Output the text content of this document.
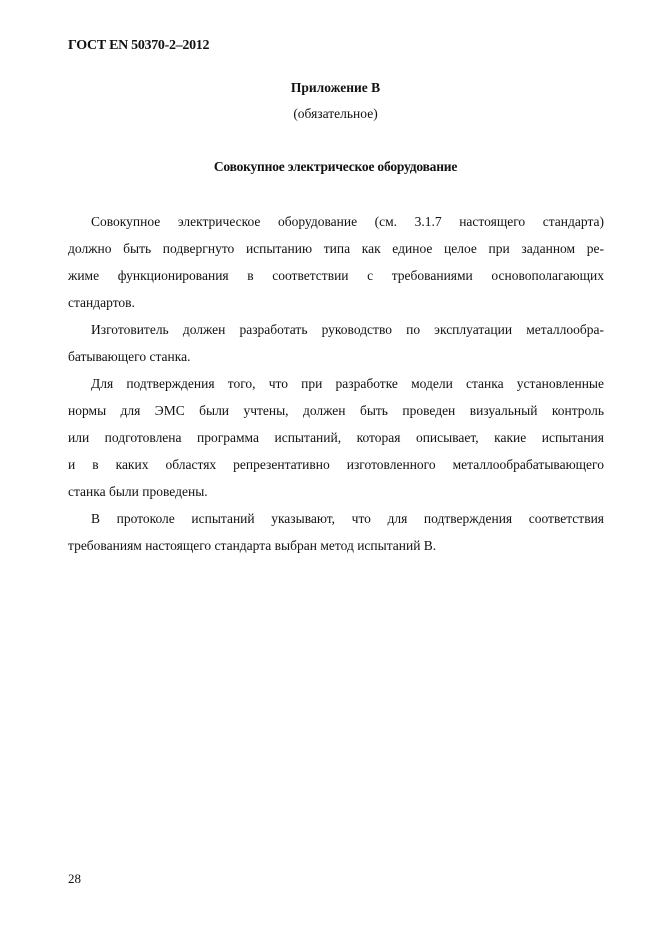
ГОСТ EN 50370-2–2012
Приложение В
(обязательное)
Совокупное электрическое оборудование
Совокупное электрическое оборудование (см. 3.1.7 настоящего стандарта)
должно быть подвергнуто испытанию типа как единое целое при заданном ре-
жиме функционирования в соответствии с требованиями основополагающих
стандартов.
Изготовитель должен разработать руководство по эксплуатации металлообра-
батывающего станка.
Для подтверждения того, что при разработке модели станка установленные
нормы для ЭМС были учтены, должен быть проведен визуальный контроль
или подготовлена программа испытаний, которая описывает, какие испытания
и в каких областях репрезентативно изготовленного металлообрабатывающего
станка были проведены.
В протоколе испытаний указывают, что для подтверждения соответствия
требованиям настоящего стандарта выбран метод испытаний В.
28
